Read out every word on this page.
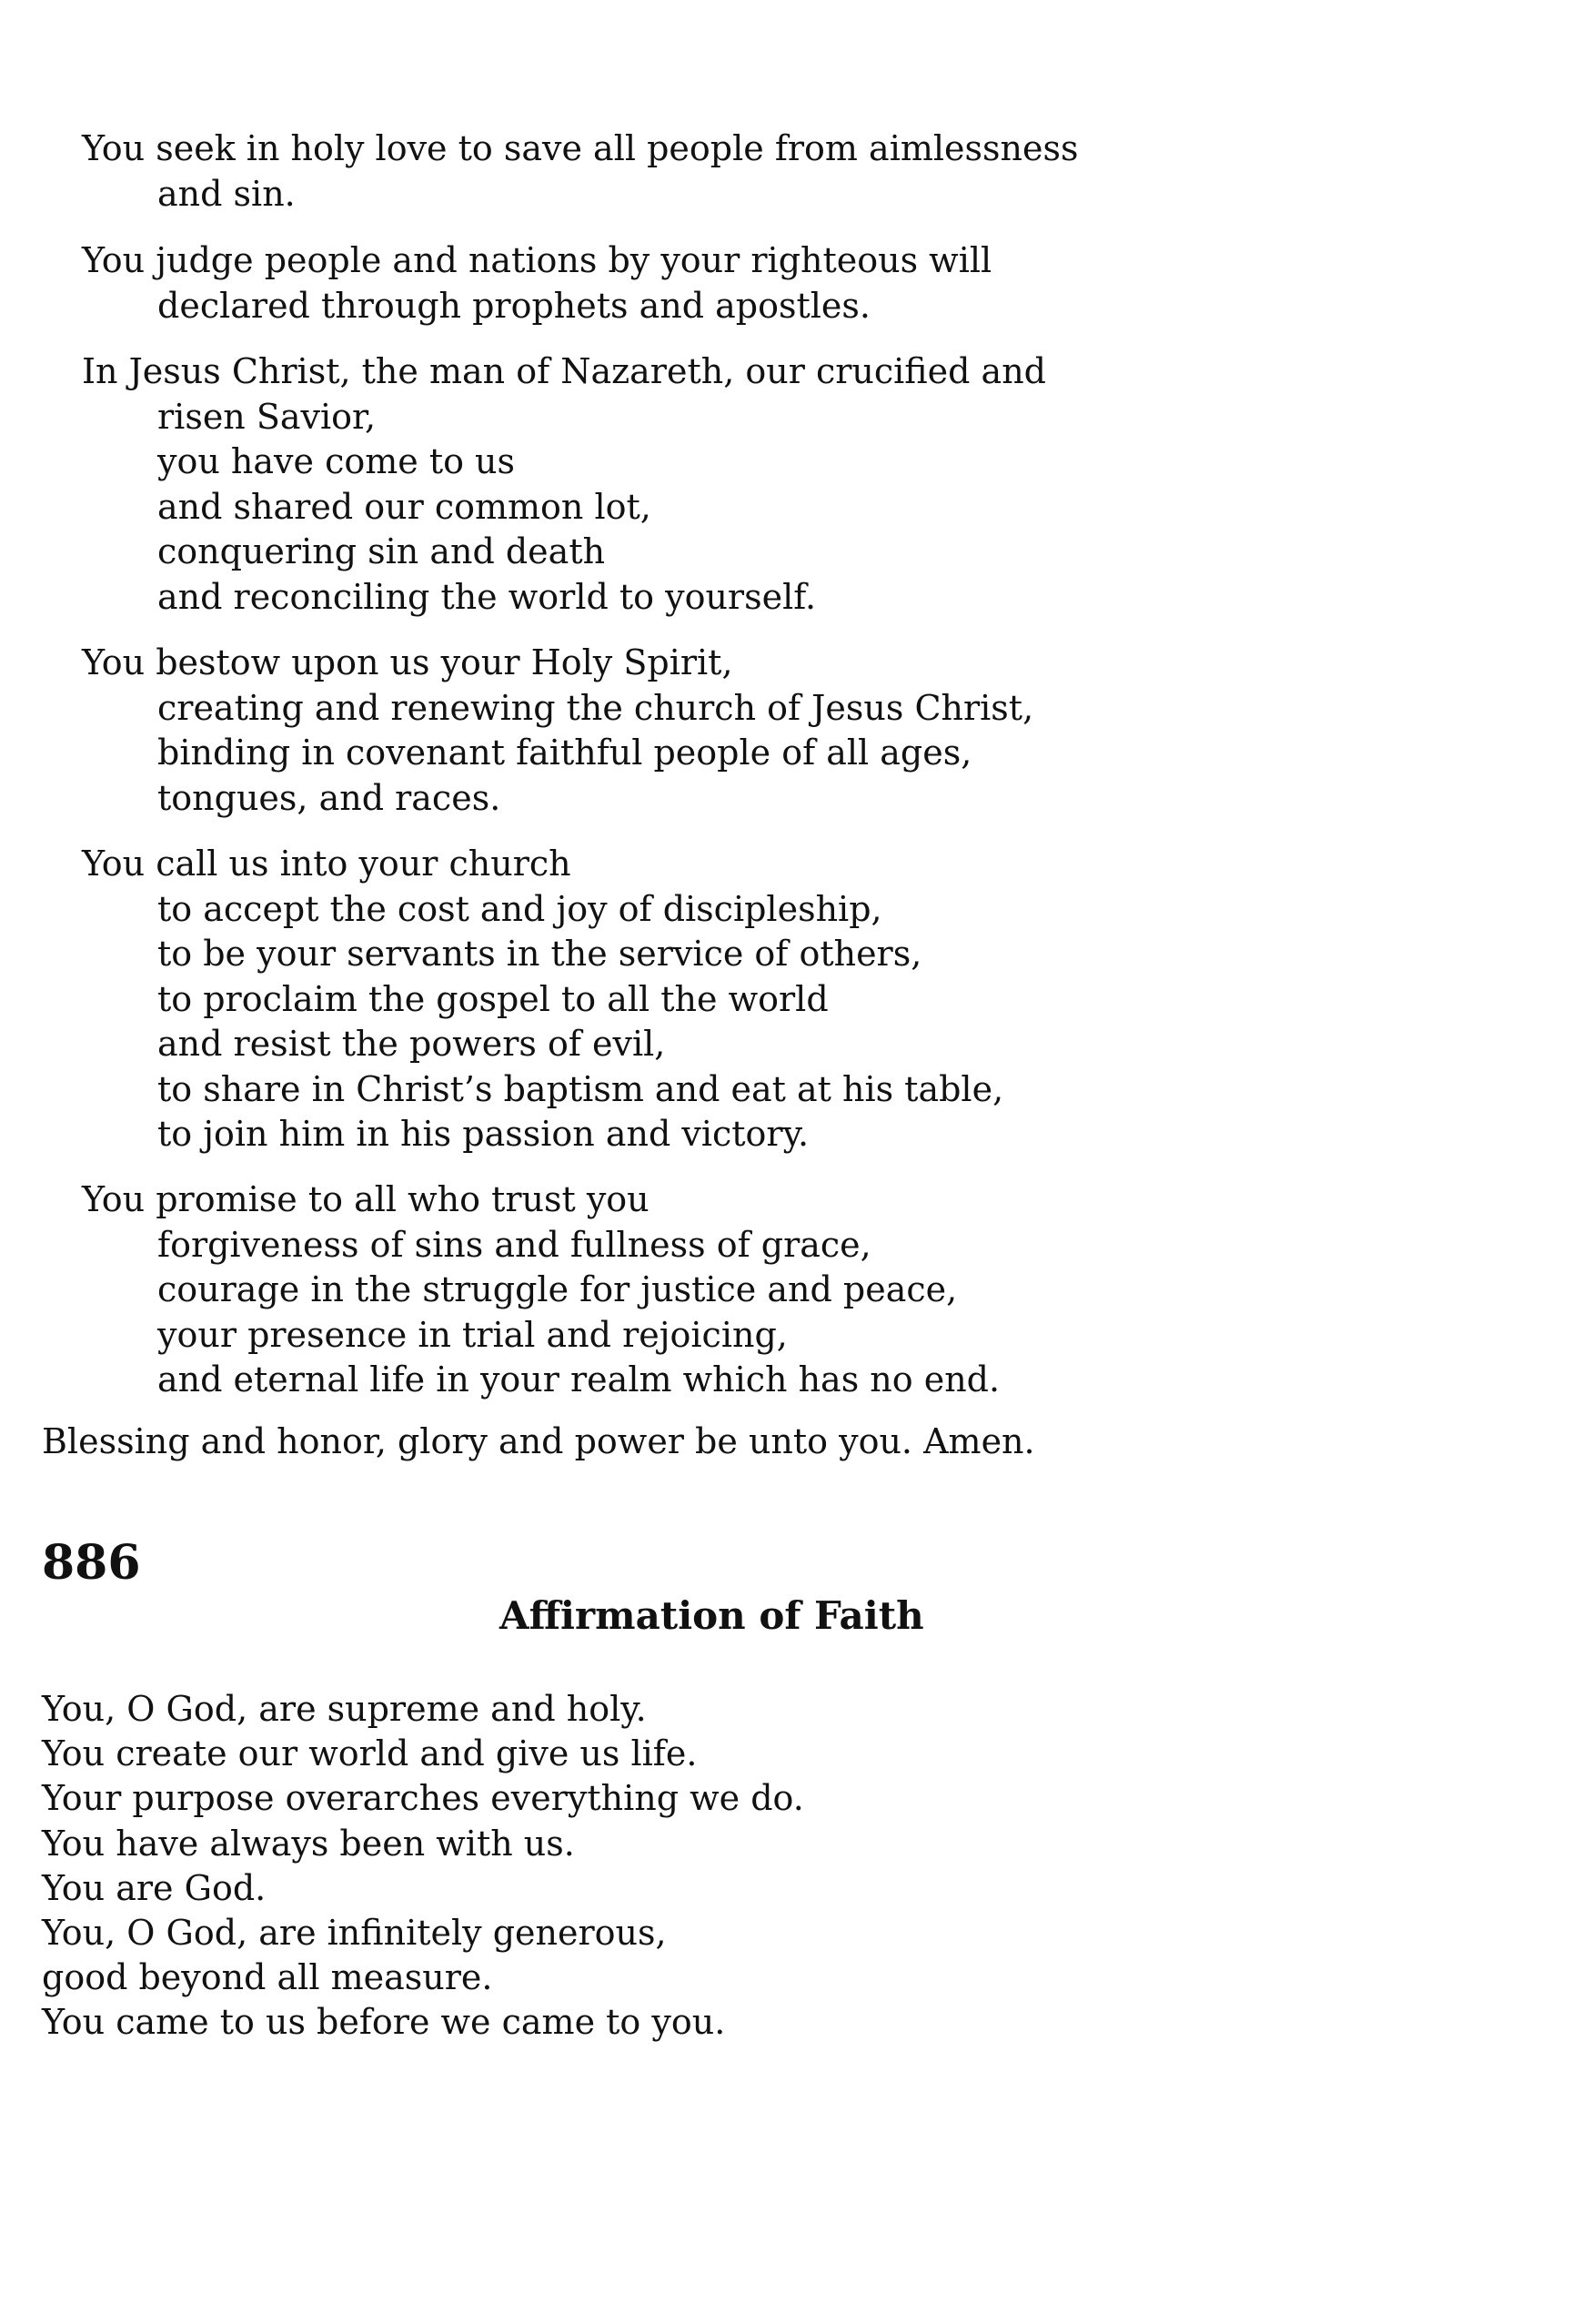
You seek in holy love to save all people from aimlessness
and sin.
You judge people and nations by your righteous will
declared through prophets and apostles.
In Jesus Christ, the man of Nazareth, our crucified and
risen Savior,
you have come to us
and shared our common lot,
conquering sin and death
and reconciling the world to yourself.
You bestow upon us your Holy Spirit,
creating and renewing the church of Jesus Christ,
binding in covenant faithful people of all ages,
tongues, and races.
You call us into your church
to accept the cost and joy of discipleship,
to be your servants in the service of others,
to proclaim the gospel to all the world
and resist the powers of evil,
to share in Christ’s baptism and eat at his table,
to join him in his passion and victory.
You promise to all who trust you
forgiveness of sins and fullness of grace,
courage in the struggle for justice and peace,
your presence in trial and rejoicing,
and eternal life in your realm which has no end.

Blessing and honor, glory and power be unto you. Amen.

886
Affirmation of Faith
You, O God, are supreme and holy.
You create our world and give us life.
Your purpose overarches everything we do.
You have always been with us.
You are God.
You, O God, are infinitely generous,
good beyond all measure.
You came to us before we came to you.
